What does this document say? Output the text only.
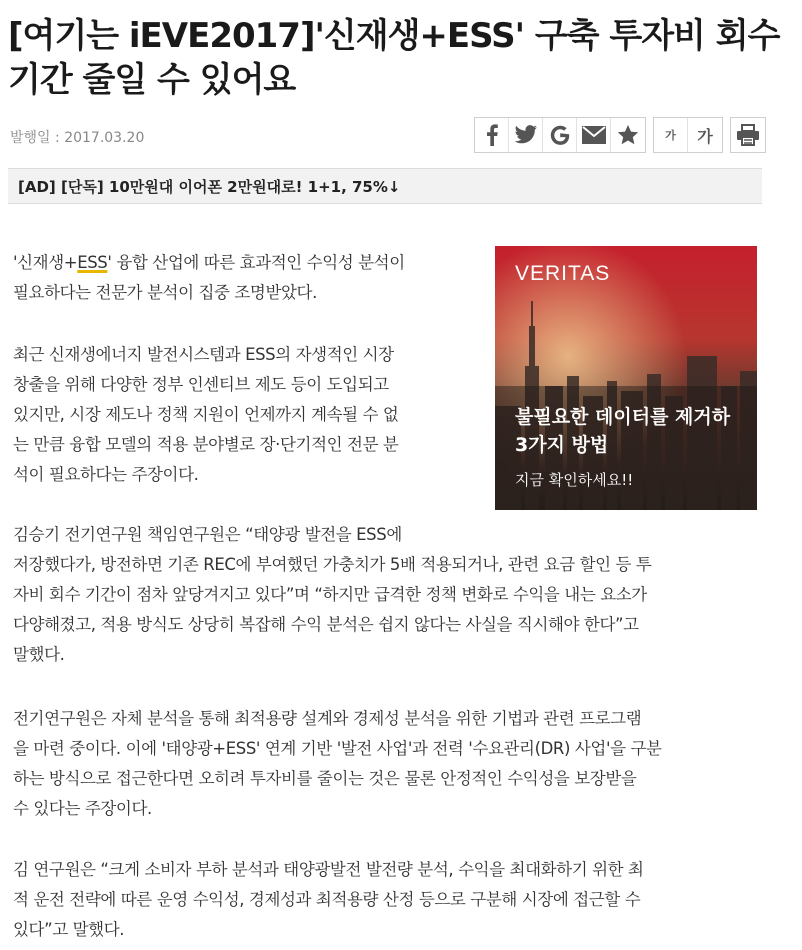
[여기는 iEVE2017]'신재생+ESS' 구축 투자비 회수
기간 줄일 수 있어요
발행일 : 2017.03.20	가	가
[AD] [단독] 10만원대 이어폰 2만원대로! 1+1, 75%↓
VERITAS
불필요한 데이터를 제거하
3가지 방법
지금 확인하세요!!

'신재생+ESS' 융합 산업에 따른 효과적인 수익성 분석이
필요하다는 전문가 분석이 집중 조명받았다.

최근 신재생에너지 발전시스템과 ESS의 자생적인 시장
창출을 위해 다양한 정부 인센티브 제도 등이 도입되고
있지만, 시장 제도나 정책 지원이 언제까지 계속될 수 없
는 만큼 융합 모델의 적용 분야별로 장·단기적인 전문 분
석이 필요하다는 주장이다.

김승기 전기연구원 책임연구원은 “태양광 발전을 ESS에
저장했다가, 방전하면 기존 REC에 부여했던 가충치가 5배 적용되거나, 관련 요금 할인 등 투
자비 회수 기간이 점차 앞당겨지고 있다”며 “하지만 급격한 정책 변화로 수익을 내는 요소가
다양해졌고, 적용 방식도 상당히 복잡해 수익 분석은 쉽지 않다는 사실을 직시해야 한다”고
말했다.

전기연구원은 자체 분석을 통해 최적용량 설계와 경제성 분석을 위한 기법과 관련 프로그램
을 마련 중이다. 이에 '태양광+ESS' 연계 기반 '발전 사업'과 전력 '수요관리(DR) 사업'을 구분
하는 방식으로 접근한다면 오히려 투자비를 줄이는 것은 물론 안정적인 수익성을 보장받을
수 있다는 주장이다.

김 연구원은 “크게 소비자 부하 분석과 태양광발전 발전량 분석, 수익을 최대화하기 위한 최
적 운전 전략에 따른 운영 수익성, 경제성과 최적용량 산정 등으로 구분해 시장에 접근할 수
있다”고 말했다.
